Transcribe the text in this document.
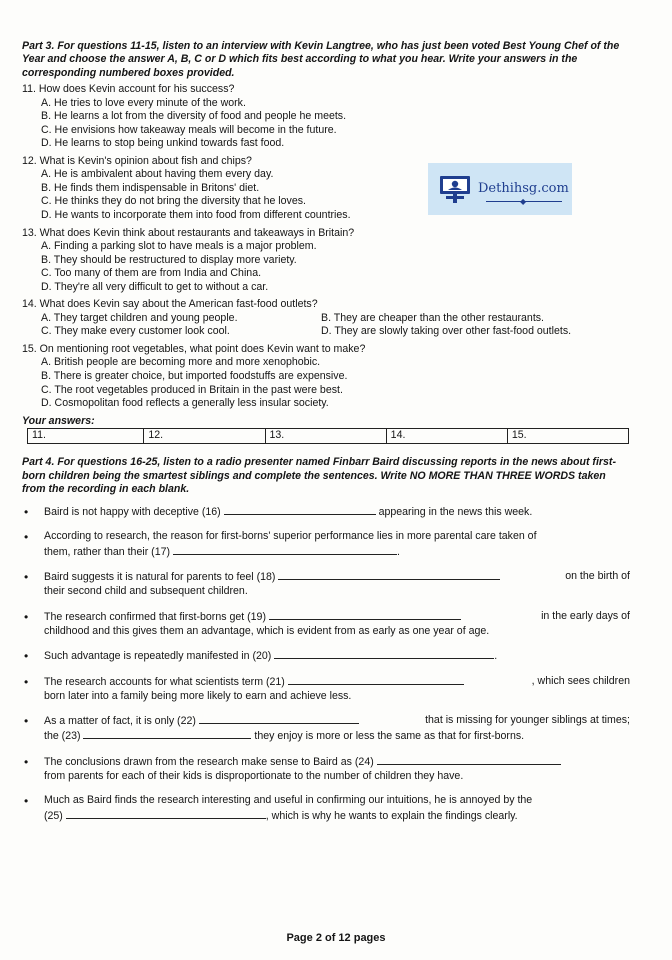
Part 3. For questions 11-15, listen to an interview with Kevin Langtree, who has just been voted Best Young Chef of the Year and choose the answer A, B, C or D which fits best according to what you hear. Write your answers in the corresponding numbered boxes provided.

11. How does Kevin account for his success?

A. He tries to love every minute of the work.

B. He learns a lot from the diversity of food and people he meets.

C. He envisions how takeaway meals will become in the future.

D. He learns to stop being unkind towards fast food.

12. What is Kevin's opinion about fish and chips?

A. He is ambivalent about having them every day.

B. He finds them indispensable in Britons' diet.

C. He thinks they do not bring the diversity that he loves.

D. He wants to incorporate them into food from different countries.

13. What does Kevin think about restaurants and takeaways in Britain?

A. Finding a parking slot to have meals is a major problem.

B. They should be restructured to display more variety.

C. Too many of them are from India and China.

D. They're all very difficult to get to without a car.

14. What does Kevin say about the American fast-food outlets?

A. They target children and young people.	B. They are cheaper than the other restaurants.

C. They make every customer look cool.	D. They are slowly taking over other fast-food outlets.

15. On mentioning root vegetables, what point does Kevin want to make?

A. British people are becoming more and more xenophobic.

B. There is greater choice, but imported foodstuffs are expensive.

C. The root vegetables produced in Britain in the past were best.

D. Cosmopolitan food reflects a generally less insular society.

Your answers:
11.	12.	13.	14.	15.

Part 4. For questions 16-25, listen to a radio presenter named Finbarr Baird discussing reports in the news about first-born children being the smartest siblings and complete the sentences. Write NO MORE THAN THREE WORDS taken from the recording in each blank.

• Baird is not happy with deceptive (16)	appearing in the news this week.
• According to research, the reason for first-borns' superior performance lies in more parental care taken of
them, rather than their (17)	.
• Baird suggests it is natural for parents to feel (18)	on the birth of
their second child and subsequent children.
• The research confirmed that first-borns get (19)	in the early days of
childhood and this gives them an advantage, which is evident from as early as one year of age.
• Such advantage is repeatedly manifested in (20)	.
• The research accounts for what scientists term (21)	, which sees children
born later into a family being more likely to earn and achieve less.
• As a matter of fact, it is only (22)	that is missing for younger siblings at times;
the (23)	they enjoy is more or less the same as that for first-borns.
• The conclusions drawn from the research make sense to Baird as (24)
from parents for each of their kids is disproportionate to the number of children they have.
• Much as Baird finds the research interesting and useful in confirming our intuitions, he is annoyed by the
(25)	, which is why he wants to explain the findings clearly.
Dethihsg.com
◆
Page 2 of 12 pages
